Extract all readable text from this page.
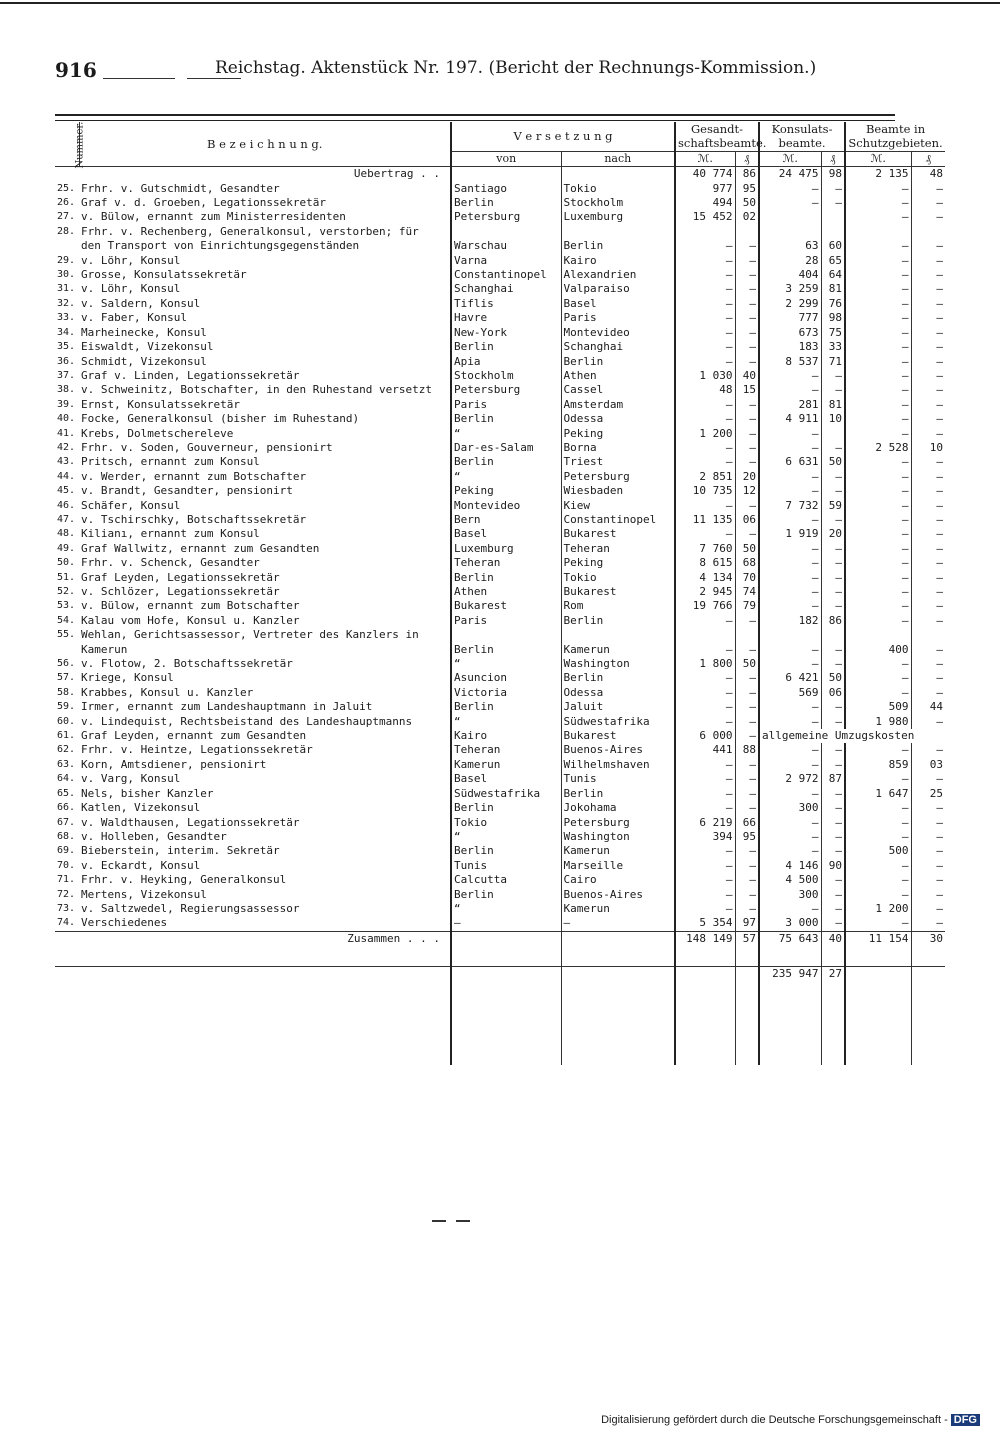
916	Reichstag. Aktenstück Nr. 197. (Bericht der Rechnungs-Kommission.)
Nummer.	B e z e i c h n u n g.	V e r s e t z u n g		Gesandt-schaftsbeamte.		Konsulats-beamte.		Beamte in Schutzgebieten.	
		von	nach	ℳ.	₰	ℳ.	₰	ℳ.	₰
	Uebertrag . .			40 774	86	24 475	98	2 135	48
25.	Frhr. v. Gutschmidt, Gesandter	Santiago	Tokio	977	95	—	—	—	—
26.	Graf v. d. Groeben, Legationssekretär	Berlin	Stockholm	494	50	—	—	—	—
27.	v. Bülow, ernannt zum Ministerresidenten	Petersburg	Luxemburg	15 452	02			—	—
28.	Frhr. v. Rechenberg, Generalkonsul, verstorben; für								
	den Transport von Einrichtungsgegenständen	Warschau	Berlin	—	—	63	60	—	—
29.	v. Löhr, Konsul	Varna	Kairo	—	—	28	65	—	—
30.	Grosse, Konsulatssekretär	Constantinopel	Alexandrien	—	—	404	64	—	—
31.	v. Löhr, Konsul	Schanghai	Valparaiso	—	—	3 259	81	—	—
32.	v. Saldern, Konsul	Tiflis	Basel	—	—	2 299	76	—	—
33.	v. Faber, Konsul	Havre	Paris	—	—	777	98	—	—
34.	Marheinecke, Konsul	New-York	Montevideo	—	—	673	75	—	—
35.	Eiswaldt, Vizekonsul	Berlin	Schanghai	—	—	183	33	—	—
36.	Schmidt, Vizekonsul	Apia	Berlin	—	—	8 537	71	—	—
37.	Graf v. Linden, Legationssekretär	Stockholm	Athen	1 030	40	—	—	—	—
38.	v. Schweinitz, Botschafter, in den Ruhestand versetzt	Petersburg	Cassel	48	15	—	—	—	—
39.	Ernst, Konsulatssekretär	Paris	Amsterdam	—	—	281	81	—	—
40.	Focke, Generalkonsul (bisher im Ruhestand)	Berlin	Odessa	—	—	4 911	10	—	—
41.	Krebs, Dolmetschereleve	“	Peking	1 200	—	—		—	—
42.	Frhr. v. Soden, Gouverneur, pensionirt	Dar-es-Salam	Borna	—	—	—	—	2 528	10
43.	Pritsch, ernannt zum Konsul	Berlin	Triest	—	—	6 631	50	—	—
44.	v. Werder, ernannt zum Botschafter	“	Petersburg	2 851	20	—	—	—	—
45.	v. Brandt, Gesandter, pensionirt	Peking	Wiesbaden	10 735	12	—	—	—	—
46.	Schäfer, Konsul	Montevideo	Kiew	—	—	7 732	59	—	—
47.	v. Tschirschky, Botschaftssekretär	Bern	Constantinopel	11 135	06	—	—	—	—
48.	Kilianı, ernannt zum Konsul	Basel	Bukarest	—	—	1 919	20	—	—
49.	Graf Wallwitz, ernannt zum Gesandten	Luxemburg	Teheran	7 760	50	—	—	—	—
50.	Frhr. v. Schenck, Gesandter	Teheran	Peking	8 615	68	—	—	—	—
51.	Graf Leyden, Legationssekretär	Berlin	Tokio	4 134	70	—	—	—	—
52.	v. Schlözer, Legationssekretär	Athen	Bukarest	2 945	74	—	—	—	—
53.	v. Bülow, ernannt zum Botschafter	Bukarest	Rom	19 766	79	—	—	—	—
54.	Kalau vom Hofe, Konsul u. Kanzler	Paris	Berlin	—	—	182	86	—	—
55.	Wehlan, Gerichtsassessor, Vertreter des Kanzlers in								
	Kamerun	Berlin	Kamerun	—	—	—	—	400	—
56.	v. Flotow, 2. Botschaftssekretär	“	Washington	1 800	50	—	—	—	—
57.	Kriege, Konsul	Asuncion	Berlin	—	—	6 421	50	—	—
58.	Krabbes, Konsul u. Kanzler	Victoria	Odessa	—	—	569	06	—	—
59.	Irmer, ernannt zum Landeshauptmann in Jaluit	Berlin	Jaluit	—	—	—	—	509	44
60.	v. Lindequist, Rechtsbeistand des Landeshauptmanns	“	Südwestafrika	—	—	—	—	1 980	—
61.	Graf Leyden, ernannt zum Gesandten	Kairo	Bukarest	6 000	—	allgemeine Umzugskosten			
62.	Frhr. v. Heintze, Legationssekretär	Teheran	Buenos-Aires	441	88	—	—	—	—
63.	Korn, Amtsdiener, pensionirt	Kamerun	Wilhelmshaven	—	—	—	—	859	03
64.	v. Varg, Konsul	Basel	Tunis	—	—	2 972	87	—	—
65.	Nels, bisher Kanzler	Südwestafrika	Berlin	—	—	—	—	1 647	25
66.	Katlen, Vizekonsul	Berlin	Jokohama	—	—	300	—	—	—
67.	v. Waldthausen, Legationssekretär	Tokio	Petersburg	6 219	66	—	—	—	—
68.	v. Holleben, Gesandter	“	Washington	394	95	—	—	—	—
69.	Bieberstein, interim. Sekretär	Berlin	Kamerun	—	—	—	—	500	—
70.	v. Eckardt, Konsul	Tunis	Marseille	—	—	4 146	90	—	—
71.	Frhr. v. Heyking, Generalkonsul	Calcutta	Cairo	—	—	4 500	—	—	—
72.	Mertens, Vizekonsul	Berlin	Buenos-Aires	—	—	300	—	—	—
73.	v. Saltzwedel, Regierungsassessor	“	Kamerun	—	—	—	—	1 200	—
74.	Verschiedenes	—	—	5 354	97	3 000	—	—	—
	Zusammen . . .			148 149	57	75 643	40	11 154	30

						235 947	27		

Digitalisierung gefördert durch die Deutsche Forschungsgemeinschaft - DFG
